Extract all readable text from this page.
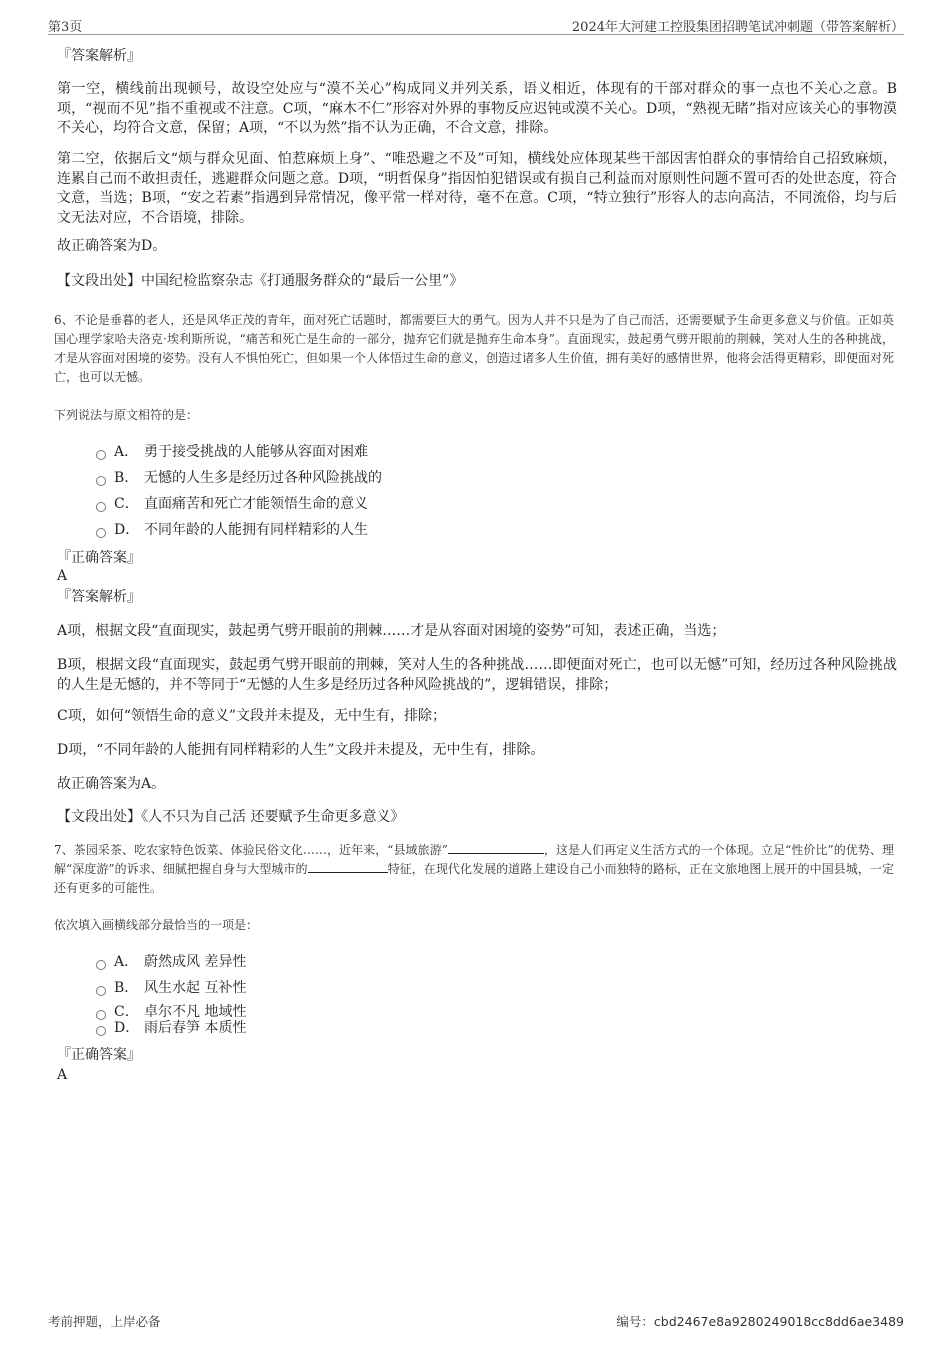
第3页	2024年大河建工控股集团招聘笔试冲刺题（带答案解析）

『答案解析』

第一空，横线前出现顿号，故设空处应与“漠不关心”构成同义并列关系，语义相近，体现有的干部对群众的事一点也不关心之意。B项，“视而不见”指不重视或不注意。C项，“麻木不仁”形容对外界的事物反应迟钝或漠不关心。D项，“熟视无睹”指对应该关心的事物漠不关心，均符合文意，保留；A项，“不以为然”指不认为正确，不合文意，排除。

第二空，依据后文“烦与群众见面、怕惹麻烦上身”、“唯恐避之不及”可知，横线处应体现某些干部因害怕群众的事情给自己招致麻烦，连累自己而不敢担责任，逃避群众问题之意。D项，“明哲保身”指因怕犯错误或有损自己利益而对原则性问题不置可否的处世态度，符合文意，当选；B项，“安之若素”指遇到异常情况，像平常一样对待，毫不在意。C项，“特立独行”形容人的志向高洁，不同流俗，均与后文无法对应，不合语境，排除。

故正确答案为D。

【文段出处】中国纪检监察杂志《打通服务群众的“最后一公里”》

6、不论是垂暮的老人，还是风华正茂的青年，面对死亡话题时，都需要巨大的勇气。因为人并不只是为了自己而活，还需要赋予生命更多意义与价值。正如英国心理学家哈夫洛克·埃利斯所说，“痛苦和死亡是生命的一部分，抛弃它们就是抛弃生命本身”。直面现实，鼓起勇气劈开眼前的荆棘，笑对人生的各种挑战，才是从容面对困境的姿势。没有人不惧怕死亡，但如果一个人体悟过生命的意义，创造过诸多人生价值，拥有美好的感情世界，他将会活得更精彩，即便面对死亡，也可以无憾。

下列说法与原文相符的是：

A． 勇于接受挑战的人能够从容面对困难
B． 无憾的人生多是经历过各种风险挑战的
C． 直面痛苦和死亡才能领悟生命的意义
D． 不同年龄的人能拥有同样精彩的人生

『正确答案』

A

『答案解析』

A项，根据文段“直面现实，鼓起勇气劈开眼前的荆棘……才是从容面对困境的姿势”可知，表述正确，当选；

B项，根据文段“直面现实，鼓起勇气劈开眼前的荆棘，笑对人生的各种挑战……即便面对死亡，也可以无憾”可知，经历过各种风险挑战的人生是无憾的，并不等同于“无憾的人生多是经历过各种风险挑战的”，逻辑错误，排除；

C项，如何“领悟生命的意义”文段并未提及，无中生有，排除；

D项，“不同年龄的人能拥有同样精彩的人生”文段并未提及，无中生有，排除。

故正确答案为A。

【文段出处】《人不只为自己活 还要赋予生命更多意义》

7、茶园采茶、吃农家特色饭菜、体验民俗文化……，近年来，“县域旅游”	，这是人们再定义生活方式的一个体现。立足“性价比”的优势、理解“深度游”的诉求、细腻把握自身与大型城市的	特征，在现代化发展的道路上建设自己小而独特的路标，正在文旅地图上展开的中国县城，一定还有更多的可能性。

依次填入画横线部分最恰当的一项是：

A． 蔚然成风 差异性
B． 风生水起 互补性
C． 卓尔不凡 地域性
D． 雨后春笋 本质性

『正确答案』

A

考前押题，上岸必备	编号：cbd2467e8a9280249018cc8dd6ae3489
